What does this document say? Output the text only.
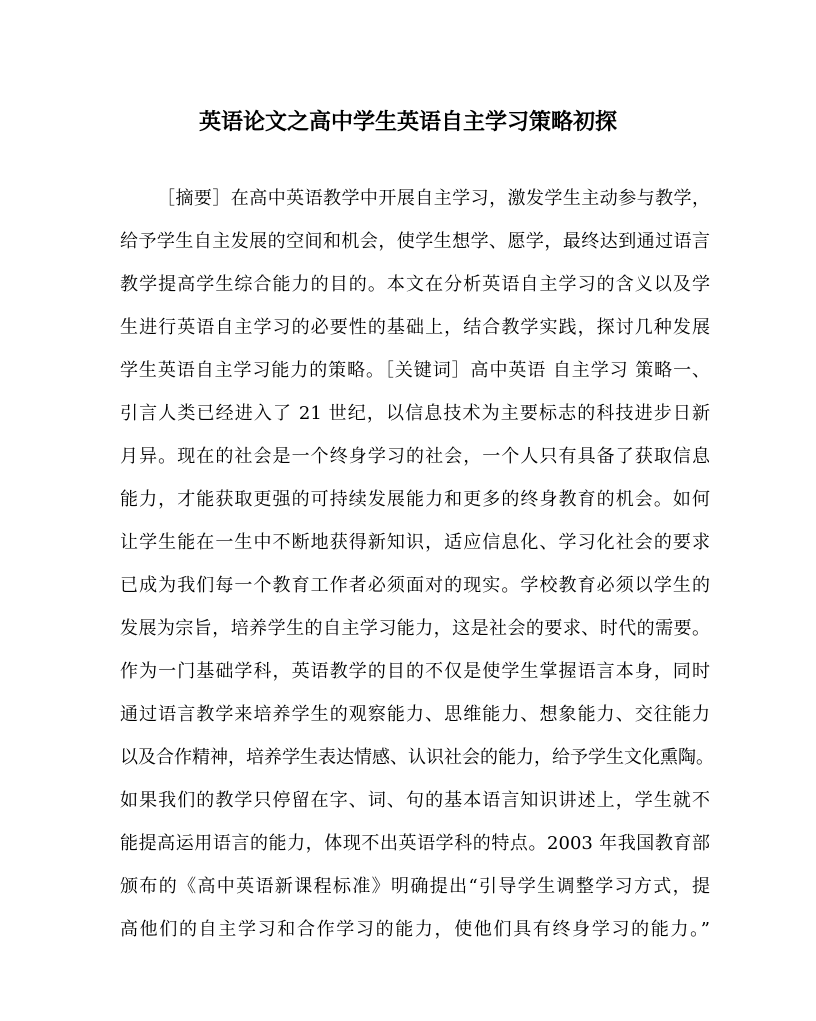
英语论文之高中学生英语自主学习策略初探
［摘要］在高中英语教学中开展自主学习，激发学生主动参与教学，
给予学生自主发展的空间和机会，使学生想学、愿学，最终达到通过语言
教学提高学生综合能力的目的。本文在分析英语自主学习的含义以及学
生进行英语自主学习的必要性的基础上，结合教学实践，探讨几种发展
学生英语自主学习能力的策略。［关键词］高中英语 自主学习 策略一、
引言人类已经进入了 21 世纪，以信息技术为主要标志的科技进步日新
月异。现在的社会是一个终身学习的社会，一个人只有具备了获取信息
能力，才能获取更强的可持续发展能力和更多的终身教育的机会。如何
让学生能在一生中不断地获得新知识，适应信息化、学习化社会的要求
已成为我们每一个教育工作者必须面对的现实。学校教育必须以学生的
发展为宗旨，培养学生的自主学习能力，这是社会的要求、时代的需要。
作为一门基础学科，英语教学的目的不仅是使学生掌握语言本身，同时
通过语言教学来培养学生的观察能力、思维能力、想象能力、交往能力
以及合作精神，培养学生表达情感、认识社会的能力，给予学生文化熏陶。
如果我们的教学只停留在字、词、句的基本语言知识讲述上，学生就不
能提高运用语言的能力，体现不出英语学科的特点。2003 年我国教育部
颁布的《高中英语新课程标准》明确提出“引导学生调整学习方式，提
高他们的自主学习和合作学习的能力，使他们具有终身学习的能力。”
